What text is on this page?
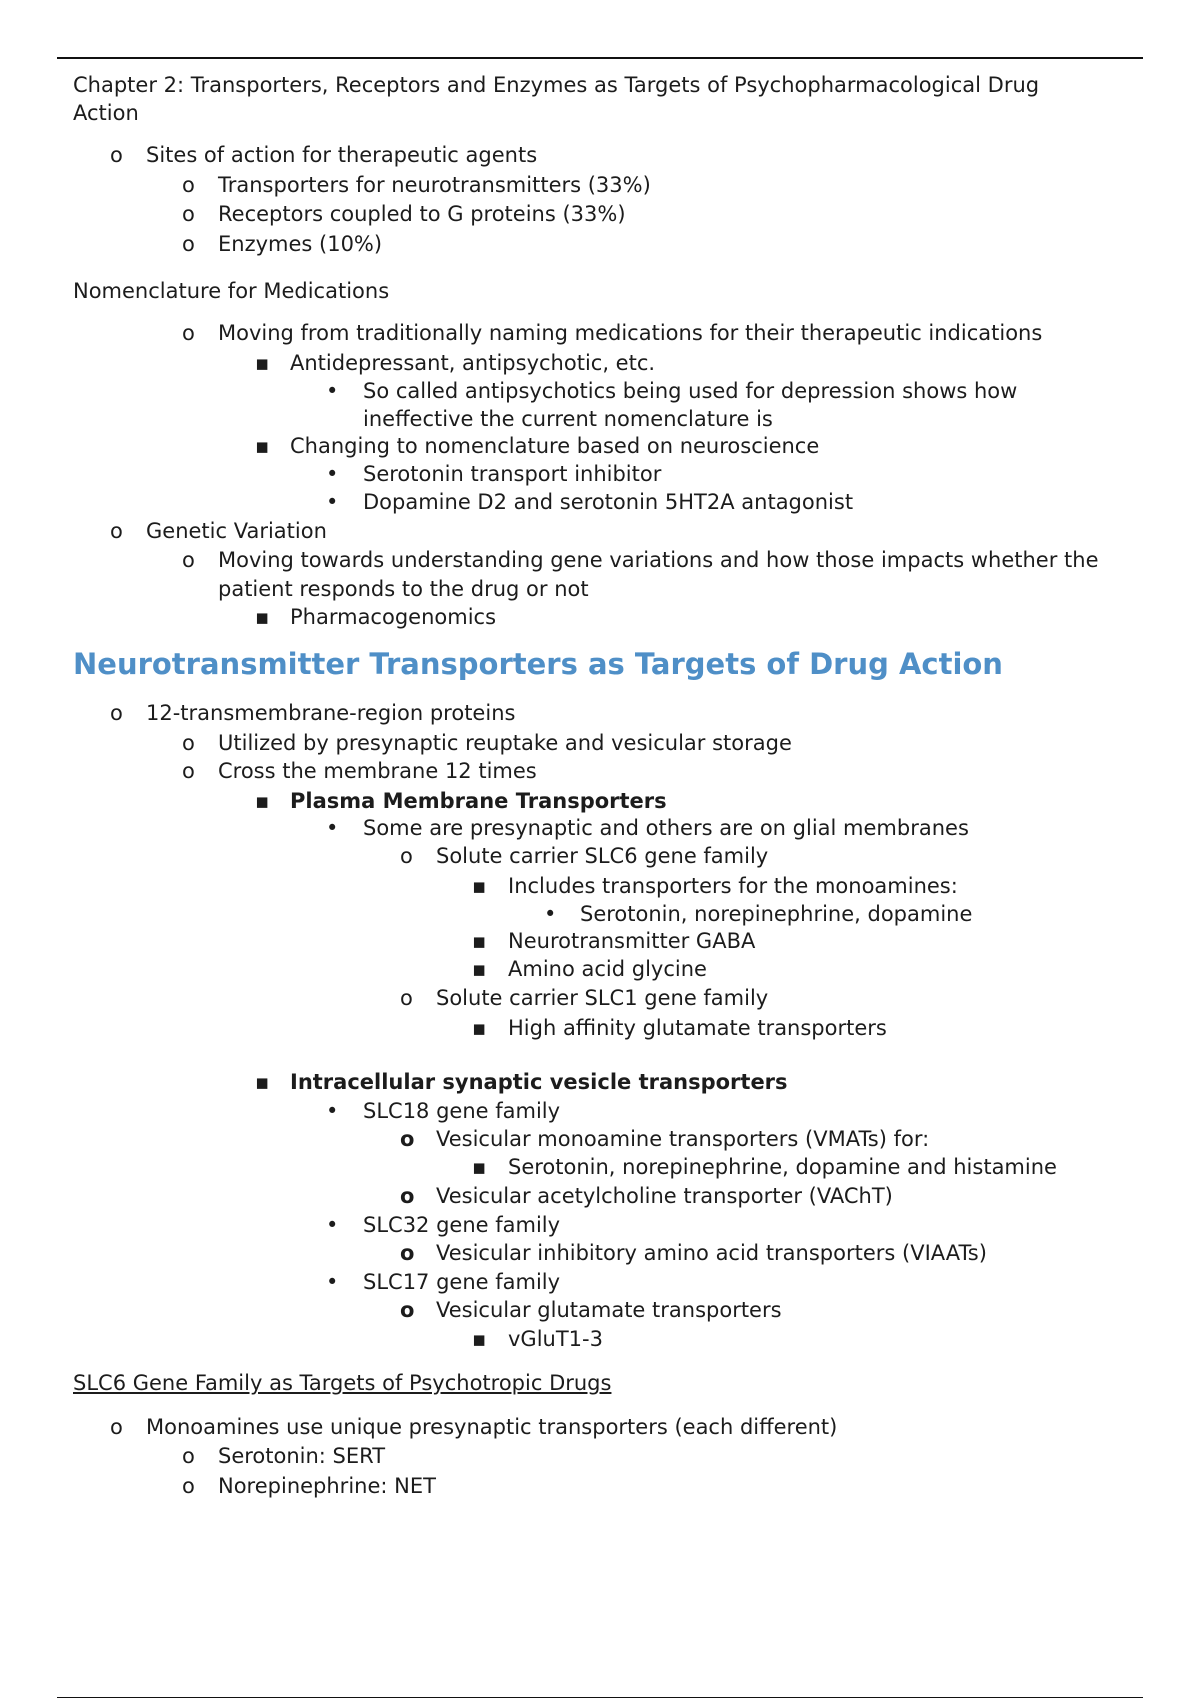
Chapter 2: Transporters, Receptors and Enzymes as Targets of Psychopharmacological Drug
Action
o Sites of action for therapeutic agents
o Transporters for neurotransmitters (33%)
o Receptors coupled to G proteins (33%)
o Enzymes (10%)
Nomenclature for Medications
o Moving from traditionally naming medications for their therapeutic indications
▪ Antidepressant, antipsychotic, etc.
• So called antipsychotics being used for depression shows how
ineffective the current nomenclature is
▪ Changing to nomenclature based on neuroscience
• Serotonin transport inhibitor
• Dopamine D2 and serotonin 5HT2A antagonist
o Genetic Variation
o Moving towards understanding gene variations and how those impacts whether the
patient responds to the drug or not
▪ Pharmacogenomics
Neurotransmitter Transporters as Targets of Drug Action
o 12-transmembrane-region proteins
o Utilized by presynaptic reuptake and vesicular storage
o Cross the membrane 12 times
▪ Plasma Membrane Transporters
• Some are presynaptic and others are on glial membranes
o Solute carrier SLC6 gene family
▪ Includes transporters for the monoamines:
• Serotonin, norepinephrine, dopamine
▪ Neurotransmitter GABA
▪ Amino acid glycine
o Solute carrier SLC1 gene family
▪ High affinity glutamate transporters
▪ Intracellular synaptic vesicle transporters
• SLC18 gene family
o Vesicular monoamine transporters (VMATs) for:
▪ Serotonin, norepinephrine, dopamine and histamine
o Vesicular acetylcholine transporter (VAChT)
• SLC32 gene family
o Vesicular inhibitory amino acid transporters (VIAATs)
• SLC17 gene family
o Vesicular glutamate transporters
▪ vGluT1-3
SLC6 Gene Family as Targets of Psychotropic Drugs
o Monoamines use unique presynaptic transporters (each different)
o Serotonin: SERT
o Norepinephrine: NET
